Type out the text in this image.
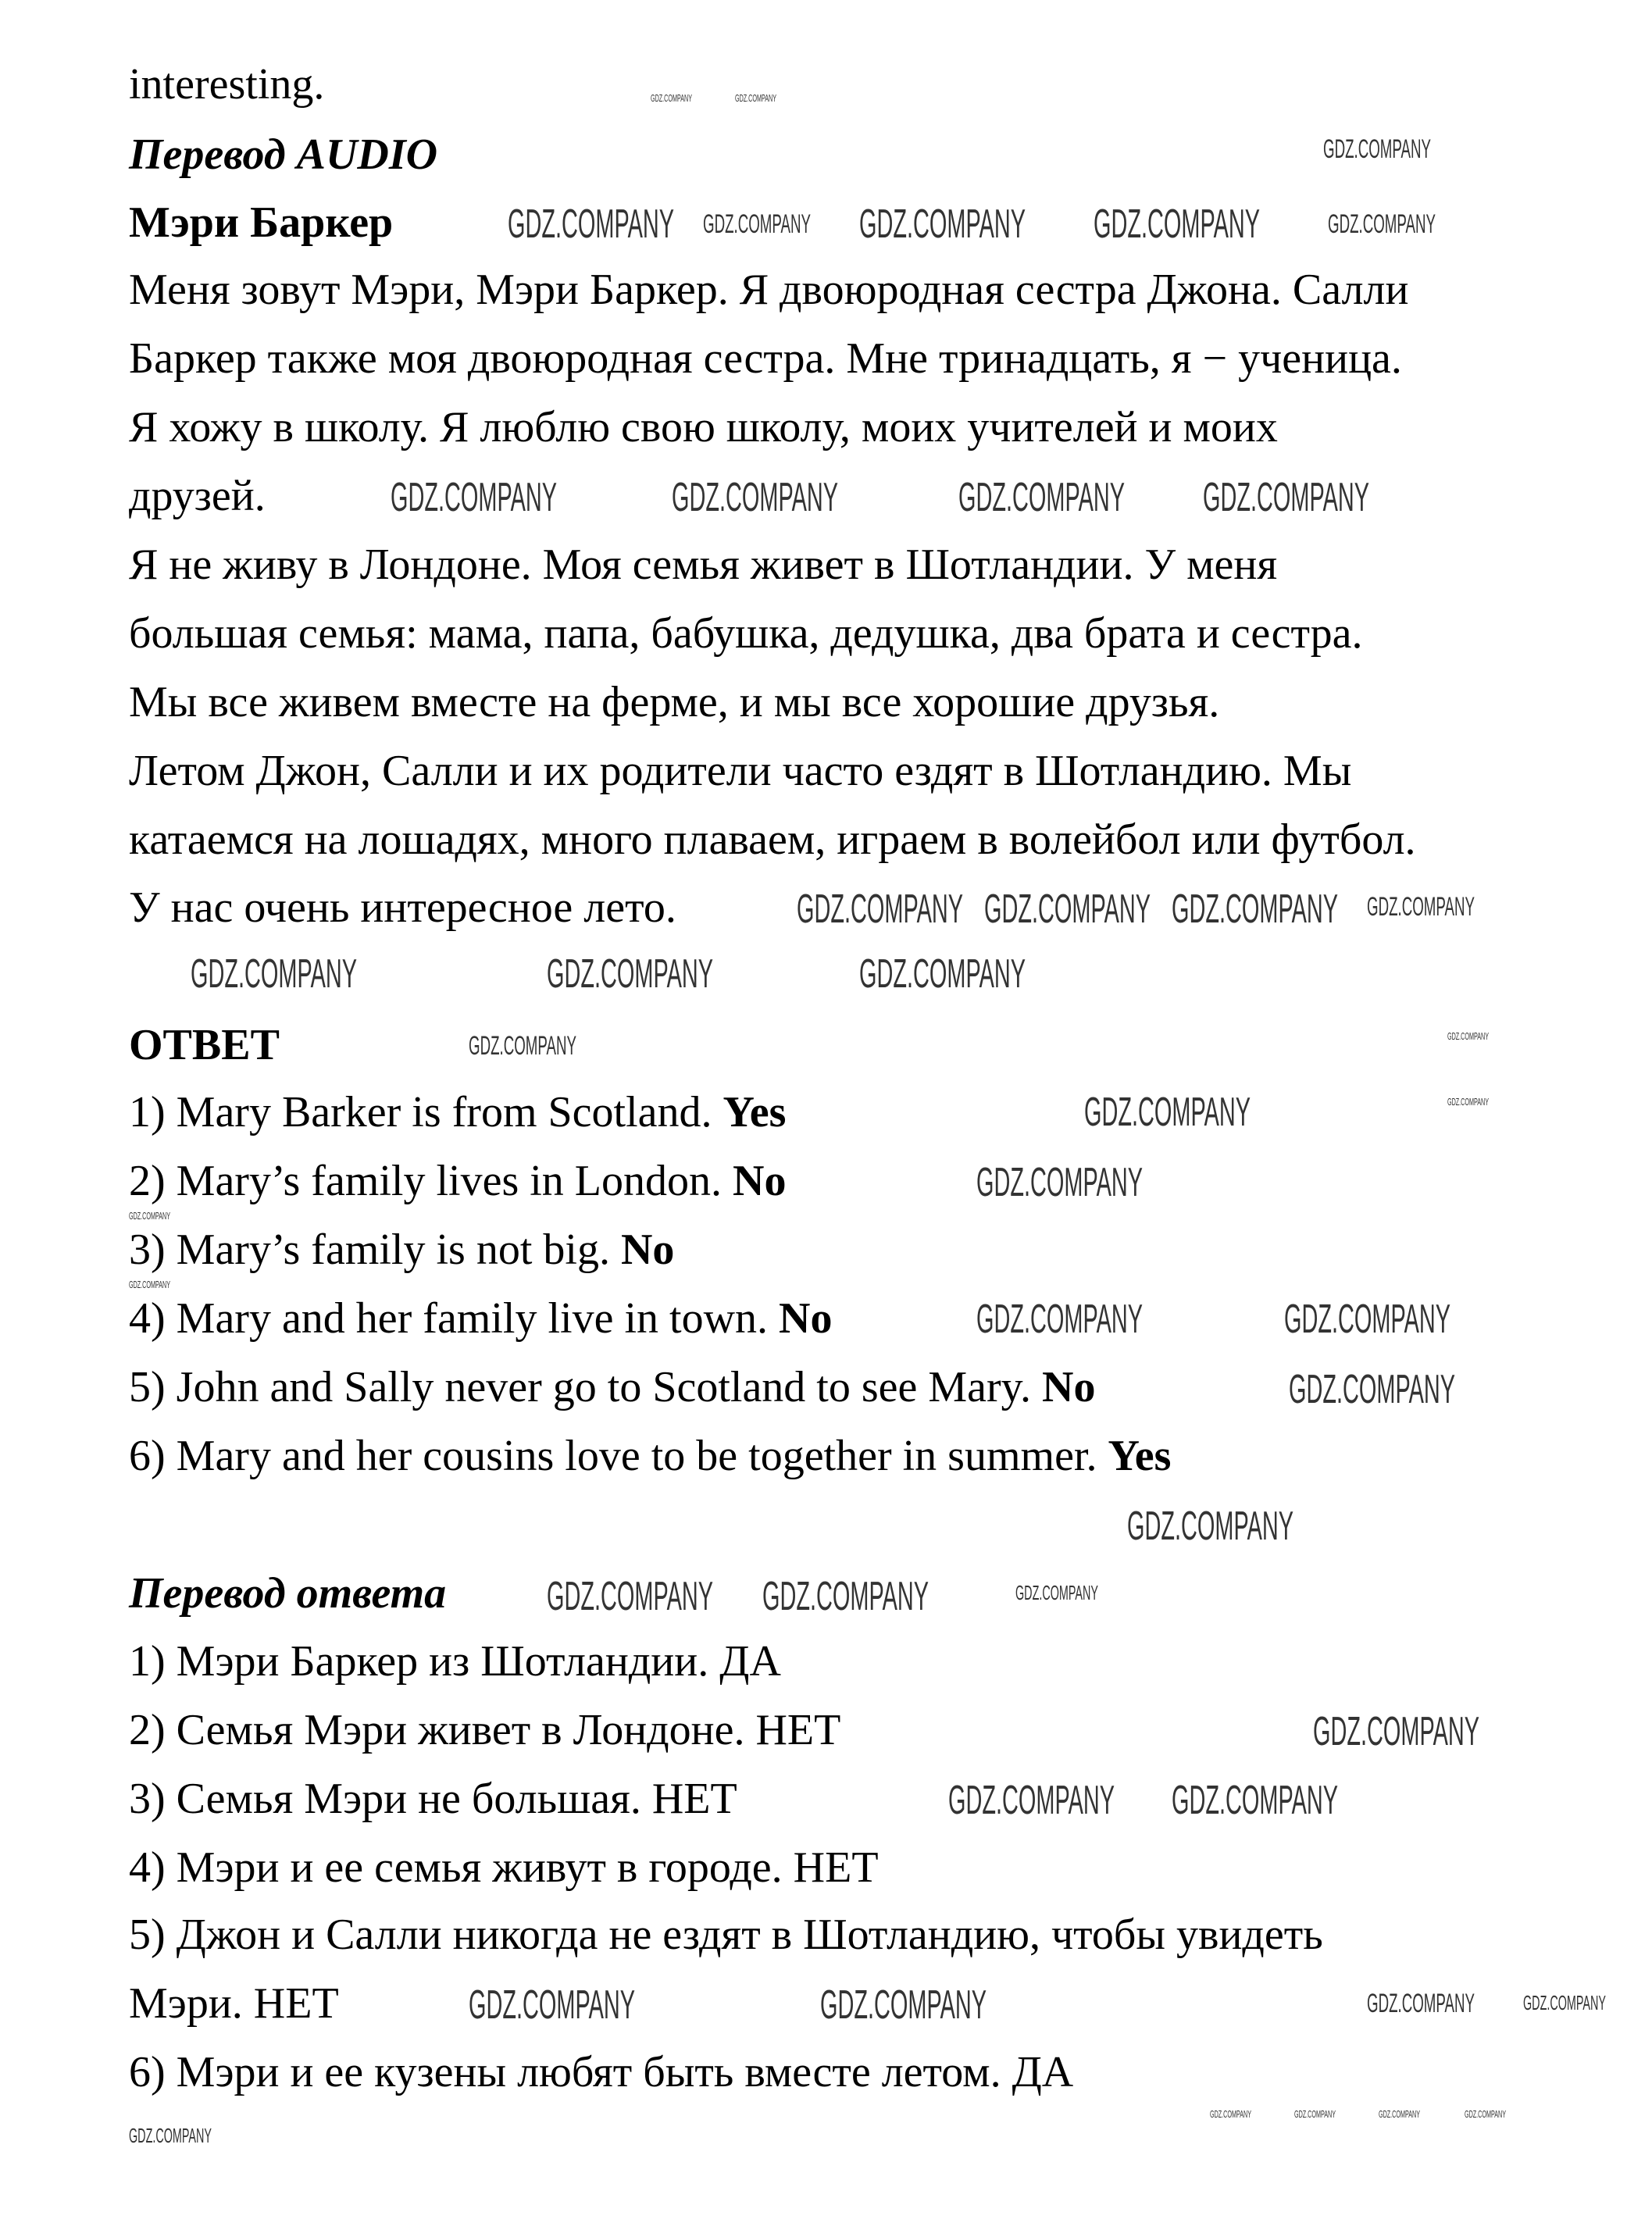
interesting.
Перевод AUDIO
Мэри Баркер
Меня зовут Мэри, Мэри Баркер. Я двоюродная сестра Джона. Салли
Баркер также моя двоюродная сестра. Мне тринадцать, я − ученица.
Я хожу в школу. Я люблю свою школу, моих учителей и моих
друзей.
Я не живу в Лондоне. Моя семья живет в Шотландии. У меня
большая семья: мама, папа, бабушка, дедушка, два брата и сестра.
Мы все живем вместе на ферме, и мы все хорошие друзья.
Летом Джон, Салли и их родители часто ездят в Шотландию. Мы
катаемся на лошадях, много плаваем, играем в волейбол или футбол.
У нас очень интересное лето.
ОТВЕТ
1) Mary Barker is from Scotland. Yes
2) Mary’s family lives in London. No
3) Mary’s family is not big. No
4) Mary and her family live in town. No
5) John and Sally never go to Scotland to see Mary. No
6) Mary and her cousins love to be together in summer. Yes
Перевод ответа
1) Мэри Баркер из Шотландии. ДА
2) Семья Мэри живет в Лондоне. НЕТ
3) Семья Мэри не большая. НЕТ
4) Мэри и ее семья живут в городе. НЕТ
5) Джон и Салли никогда не ездят в Шотландию, чтобы увидеть
Мэри. НЕТ
6) Мэри и ее кузены любят быть вместе летом. ДА
GDZ.COMPANY	GDZ.COMPANY GDZ.COMPANY
GDZ.COMPANY	GDZ.COMPANY	GDZ.COMPANY GDZ.COMPANY
GDZ.COMPANY GDZ.COMPANY GDZ.COMPANY
GDZ.COMPANY	GDZ.COMPANY	GDZ.COMPANY
GDZ.COMPANY
GDZ.COMPANY
GDZ.COMPANY	GDZ.COMPANY
GDZ.COMPANY
GDZ.COMPANY
GDZ.COMPANY GDZ.COMPANY
GDZ.COMPANY
GDZ.COMPANY GDZ.COMPANY
GDZ.COMPANY	GDZ.COMPANY
GDZ.COMPANY
GDZ.COMPANY	GDZ.COMPANY
GDZ.COMPANY
GDZ.COMPANY
GDZ.COMPANY
GDZ.COMPANY
GDZ.COMPANY
GDZ.COMPANY
GDZ.COMPANY	GDZ.COMPANY
GDZ.COMPANY
GDZ.COMPANY
GDZ.COMPANY
GDZ.COMPANY
GDZ.COMPANY	GDZ.COMPANY	GDZ.COMPANY	GDZ.COMPANY
